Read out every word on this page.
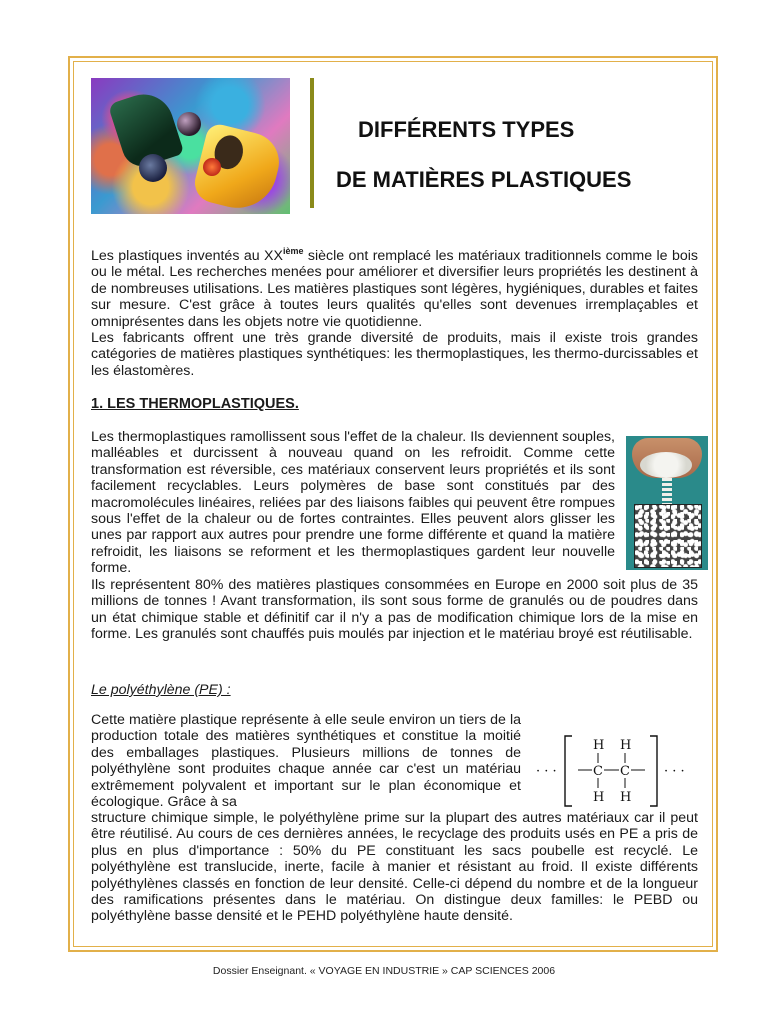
DIFFÉRENTS TYPES
DE MATIÈRES PLASTIQUES

Les plastiques inventés au XXième siècle ont remplacé les matériaux traditionnels comme le bois ou le métal. Les recherches menées pour améliorer et diversifier leurs propriétés les destinent à de nombreuses utilisations. Les matières plastiques sont légères, hygiéniques, durables et faites sur mesure. C'est grâce à toutes leurs qualités qu'elles sont devenues irremplaçables et omniprésentes dans les objets notre vie quotidienne.

Les fabricants offrent une très grande diversité de produits, mais il existe trois grandes catégories de matières plastiques synthétiques: les thermoplastiques, les thermo-durcissables et les élastomères.

1. LES THERMOPLASTIQUES.
Les thermoplastiques ramollissent sous l'effet de la chaleur. Ils deviennent souples, malléables et durcissent à nouveau quand on les refroidit. Comme cette transformation est réversible, ces matériaux conservent leurs propriétés et ils sont facilement recyclables. Leurs polymères de base sont constitués par des macromolécules linéaires, reliées par des liaisons faibles qui peuvent être rompues sous l'effet de la chaleur ou de fortes contraintes. Elles peuvent alors glisser les unes par rapport aux autres pour prendre une forme différente et quand la matière refroidit, les liaisons se reforment et les thermoplastiques gardent leur nouvelle forme.
Ils représentent 80% des matières plastiques consommées en Europe en 2000 soit plus de 35 millions de tonnes ! Avant transformation, ils sont sous forme de granulés ou de poudres dans un état chimique stable et définitif car il n'y a pas de modification chimique lors de la mise en forme. Les granulés sont chauffés puis moulés par injection et le matériau broyé est réutilisable.
Le polyéthylène (PE) :
Cette matière plastique représente à elle seule environ un tiers de la production totale des matières synthétiques et constitue la moitié des emballages plastiques. Plusieurs millions de tonnes de polyéthylène sont produites chaque année car c'est un matériau extrêmement polyvalent et important sur le plan économique et écologique. Grâce à sa
· · ·
H H
C C
H H
· · ·
structure chimique simple, le polyéthylène prime sur la plupart des autres matériaux car il peut être réutilisé. Au cours de ces dernières années, le recyclage des produits usés en PE a pris de plus en plus d'importance : 50% du PE constituant les sacs poubelle est recyclé. Le polyéthylène est translucide, inerte, facile à manier et résistant au froid. Il existe différents polyéthylènes classés en fonction de leur densité. Celle-ci dépend du nombre et de la longueur des ramifications présentes dans le matériau. On distingue deux familles: le PEBD ou polyéthylène basse densité et le PEHD polyéthylène haute densité.
Dossier Enseignant. « VOYAGE EN INDUSTRIE » CAP SCIENCES 2006
